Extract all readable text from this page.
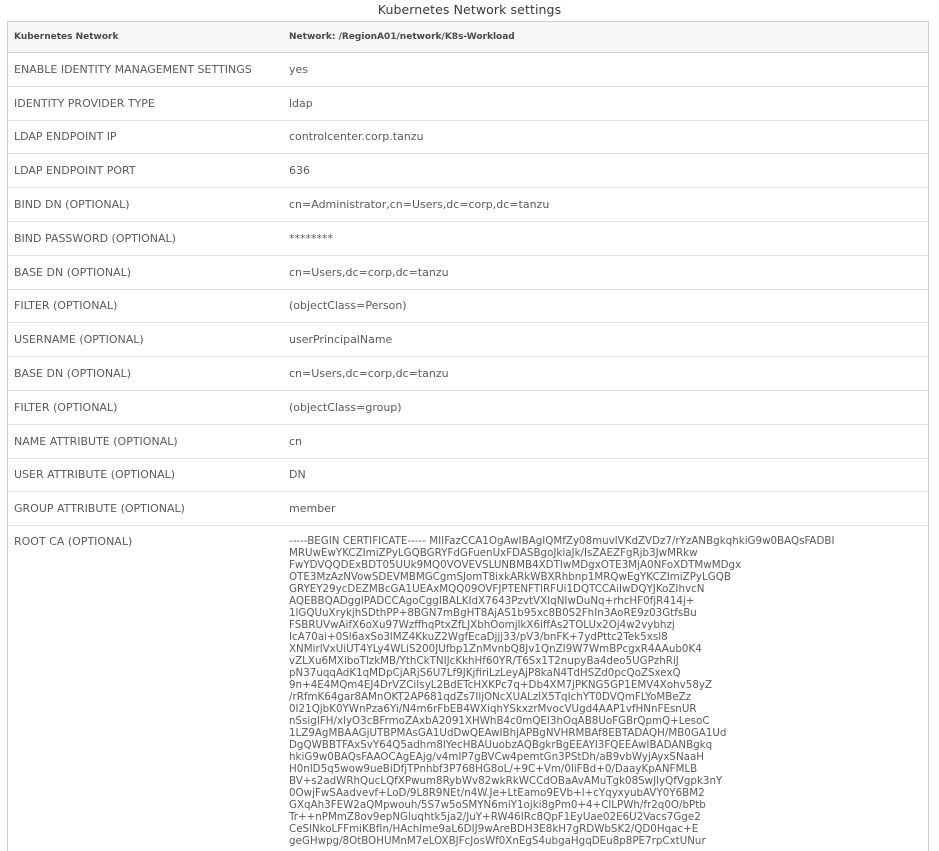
Kubernetes Network settings
Kubernetes Network	Network: /RegionA01/network/K8s-Workload
ENABLE IDENTITY MANAGEMENT SETTINGS	yes
IDENTITY PROVIDER TYPE	ldap
LDAP ENDPOINT IP	controlcenter.corp.tanzu
LDAP ENDPOINT PORT	636
BIND DN (OPTIONAL)	cn=Administrator,cn=Users,dc=corp,dc=tanzu
BIND PASSWORD (OPTIONAL)	********
BASE DN (OPTIONAL)	cn=Users,dc=corp,dc=tanzu
FILTER (OPTIONAL)	(objectClass=Person)
USERNAME (OPTIONAL)	userPrincipalName
BASE DN (OPTIONAL)	cn=Users,dc=corp,dc=tanzu
FILTER (OPTIONAL)	(objectClass=group)
NAME ATTRIBUTE (OPTIONAL)	cn
USER ATTRIBUTE (OPTIONAL)	DN
GROUP ATTRIBUTE (OPTIONAL)	member
ROOT CA (OPTIONAL)	-----BEGIN CERTIFICATE----- MIIFazCCA1OgAwIBAgIQMfZy08muvlVKdZVDz7/rYzANBgkqhkiG9w0BAQsFADBI
MRUwEwYKCZImiZPyLGQBGRYFdGFuenUxFDASBgoJkiaJk/IsZAEZFgRjb3JwMRkw
FwYDVQQDExBDT05UUk9MQ0VOVEVSLUNBMB4XDTIwMDgxOTE3MjA0NFoXDTMwMDgx
OTE3MzAzNVowSDEVMBMGCgmSJomT8ixkARkWBXRhbnp1MRQwEgYKCZImiZPyLGQB
GRYEY29ycDEZMBcGA1UEAxMQQ09OVFJPTENFTlRFUi1DQTCCAiIwDQYJKoZIhvcN
AQEBBQADggIPADCCAgoCggIBALKIdX7643PzvtVXIqNIwDuNq+rhcHF0fjR414j+
1lGQUuXrykjhSDthPP+8BGN7mBgHT8AjAS1b95xc8B0S2FhIn3AoRE9z03GtfsBu
FSBRUVwAifX6oXu97WzffhqPtxZfLJXbhOomjlkX6iffAs2TOLUx2Oj4w2vybhzj
IcA70ai+0Sl6axSo3lMZ4KkuZ2WgfEcaDjjj33/pV3/bnFK+7ydPttc2Tek5xsl8
XNMirlVxUiUT4YLy4WLiS200JUfbp1ZnMvnbQ8Jv1QnZI9W7WmBPcgxR4AAub0K4
vZLXu6MXiboTlzkMB/YthCkTNIJcKkhHf60YR/T6Sx1T2nupyBa4deo5UGPzhRiJ
pN37uqqAdK1qMDpCjARjS6U7Lf9JKjfiriLzLeyAjP8kaN4TdHSZd0pcQoZSxexQ
9n+4E4MQm4EJ4DrVZCiIsyL2BdETcHXKPc7q+Db4XM7jPKNG5GP1EMV4Xohv58yZ
/rRfmK64gar8AMnOKT2AP681qdZs7IljONcXUALzlX5TqIchYT0DVQmFLYoMBeZz
0I21QjbK0YWnPza6Yi/N4m6rFbEB4WXiqhYSkxzrMvocVUgd4AAP1vfHNnFEsnUR
nSsigIFH/xlyO3cBFrmoZAxbA2091XHWhB4c0mQEI3hOqAB8UoFGBrQpmQ+LesoC
1LZ9AgMBAAGjUTBPMAsGA1UdDwQEAwIBhjAPBgNVHRMBAf8EBTADAQH/MB0GA1Ud
DgQWBBTFAxSvY64Q5adhm8lYecHBAUuobzAQBgkrBgEEAYI3FQEEAwIBADANBgkq
hkiG9w0BAQsFAAOCAgEAjg/v4mIP7gBVCw4pemtGn3PStDh/aB9vbWyjAyxSNaaH
H0nlD5q5wow9ueBiDfjTPnhbf3P768HG8oL/+9C+Vm/0liFBd+0/DaayKpANFMLB
BV+s2adWRhQucLQfXPwum8RybWv82wkRkWCCdOBaAvAMuTgk08SwJlyQfVgpk3nY
0OwjFwSAadvevf+LoD/9L8R9NEt/n4W.Je+LtEamo9EVb+l+cYqyxyubAVY0Y6BM2
GXqAh3FEW2aQMpwouh/5S7w5oSMYN6miY1ojki8gPm0+4+ClLPWh/fr2q0O/bPtb
Tr++nPMmZ8ov9epNGluqhtk5ja2/JuY+RW46IRc8QpF1EyUae02E6U2Vacs7Gge2
CeSlNkoLFFmiKBfIn/HAchlme9aL6DIJ9wAreBDH3E8kH7gRDWbSK2/QD0Hqac+E
geGHwpg/8OtBOHUMnM7eLOXBJFcJosWf0XnEgS4ubgaHgqDEu8p8PE7rpCxtUNur
